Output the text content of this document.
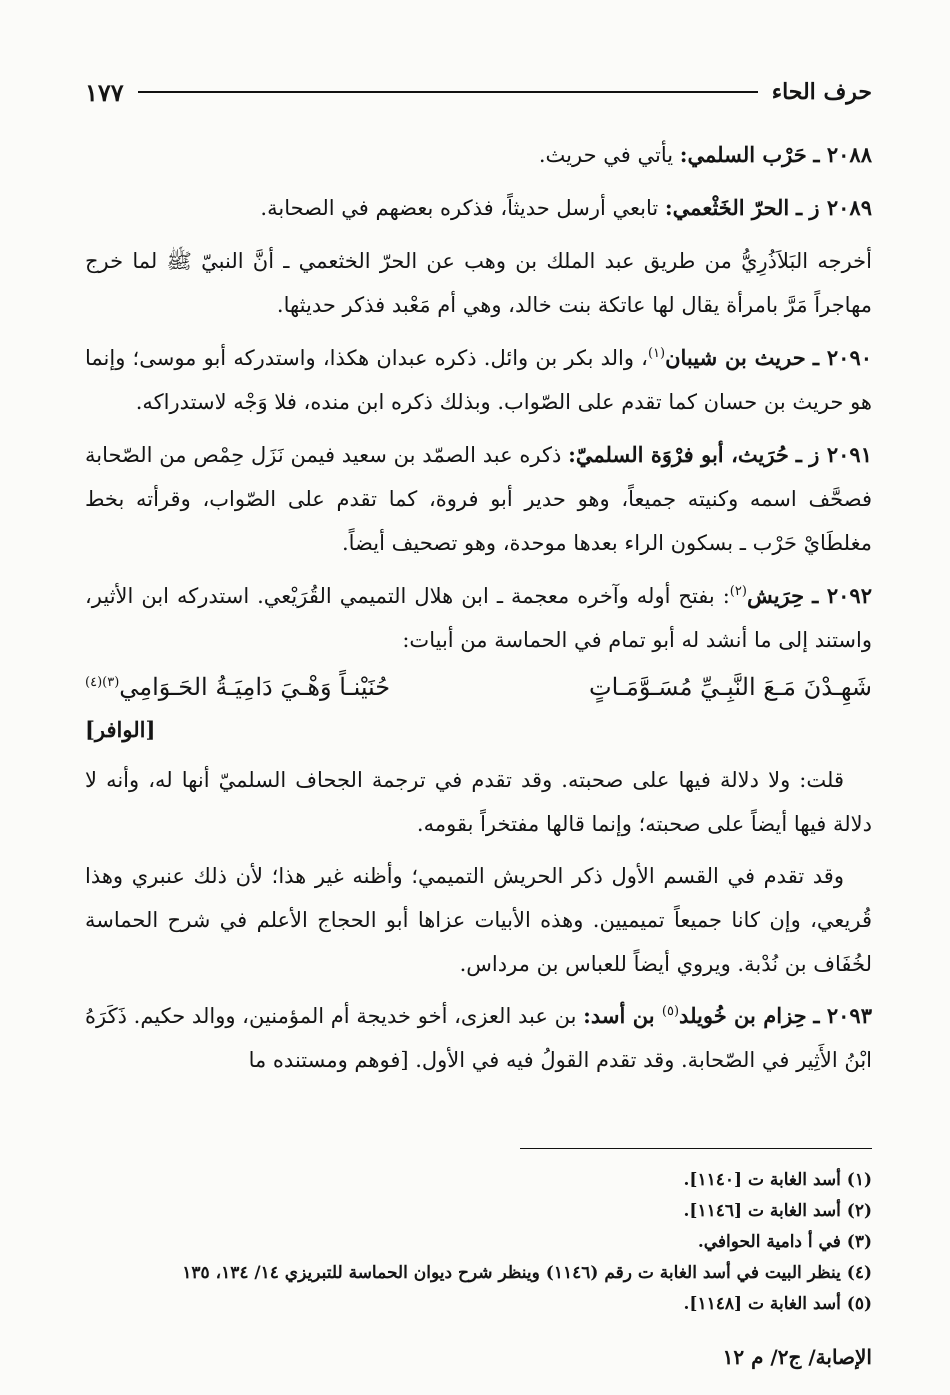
حرف الحاء
١٧٧
٢٠٨٨ ـ حَرْب السلمي: يأتي في حريث.
٢٠٨٩ ز ـ الحرّ الخَثْعمي: تابعي أرسل حديثاً، فذكره بعضهم في الصحابة.
أخرجه البَلاَذُرِيُّ من طريق عبد الملك بن وهب عن الحرّ الخثعمي ـ أنَّ النبيّ ﷺ لما خرج مهاجراً مَرَّ بامرأة يقال لها عاتكة بنت خالد، وهي أم مَعْبد فذكر حديثها.
٢٠٩٠ ـ حريث بن شيبان$^{(١)}$، والد بكر بن وائل. ذكره عبدان هكذا، واستدركه أبو موسى؛ وإنما هو حريث بن حسان كما تقدم على الصّواب. وبذلك ذكره ابن منده، فلا وَجْه لاستدراكه.
٢٠٩١ ز ـ حُرَيث، أبو فرْوَة السلميّ: ذكره عبد الصمّد بن سعيد فيمن نَزَل حِمْص من الصّحابة فصحَّف اسمه وكنيته جميعاً، وهو حدير أبو فروة، كما تقدم على الصّواب، وقرأته بخط مغلطَايْ حَرْب ـ بسكون الراء بعدها موحدة، وهو تصحيف أيضاً.
٢٠٩٢ ـ حِرَيش$^{(٢)}$: بفتح أوله وآخره معجمة ـ ابن هلال التميمي القُرَيْعي. استدركه ابن الأثير، واستند إلى ما أنشد له أبو تمام في الحماسة من أبيات:
شَهِـدْنَ مَـعَ النَّبِـيِّ مُسَـوَّمَـاتٍ
حُنَيْنـاً وَهْـيَ دَامِيَـةُ الحَـوَامِي$^{(٣)(٤)}$
[الوافر]
قلت: ولا دلالة فيها على صحبته. وقد تقدم في ترجمة الجحاف السلميّ أنها له، وأنه لا دلالة فيها أيضاً على صحبته؛ وإنما قالها مفتخراً بقومه.
وقد تقدم في القسم الأول ذكر الحريش التميمي؛ وأظنه غير هذا؛ لأن ذلك عنبري وهذا قُريعي، وإن كانا جميعاً تميميين. وهذه الأبيات عزاها أبو الحجاج الأعلم في شرح الحماسة لخُفَاف بن نُدْبة. ويروي أيضاً للعباس بن مرداس.
٢٠٩٣ ـ حِزام بن خُويلد$^{(٥)}$ بن أسد: بن عبد العزى، أخو خديجة أم المؤمنين، ووالد حكيم. ذَكَرَهُ ابْنُ الأَثِير في الصّحابة. وقد تقدم القولُ فيه في الأول. [فوهم ومستنده ما
(١) أسد الغابة ت [١١٤٠].
(٢) أسد الغابة ت [١١٤٦].
(٣) في أ دامية الحوافي.
(٤) ينظر البيت في أسد الغابة ت رقم (١١٤٦) وينظر شرح ديوان الحماسة للتبريزي ١٤/ ١٣٤، ١٣٥
(٥) أسد الغابة ت [١١٤٨].
الإصابة/ ج٢/ م ١٢
